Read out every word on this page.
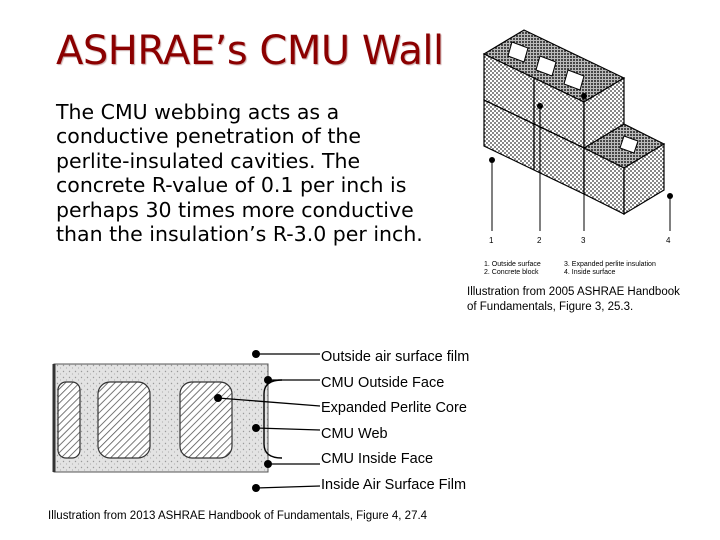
ASHRAE’s CMU Wall
The CMU webbing acts as a
conductive penetration of the
perlite-insulated cavities. The
concrete R-value of 0.1 per inch is
perhaps 30 times more conductive
than the insulation’s R-3.0 per inch.	1	2	3	4
1. Outside surface
2. Concrete block
3. Expanded perlite insulation
4. Inside surface
Illustration from 2005 ASHRAE Handbook
of Fundamentals, Figure 3, 25.3.
Outside air surface film
CMU Outside Face
Expanded Perlite Core
CMU Web
CMU Inside Face
Inside Air Surface Film
Illustration from 2013 ASHRAE Handbook of Fundamentals, Figure 4, 27.4
